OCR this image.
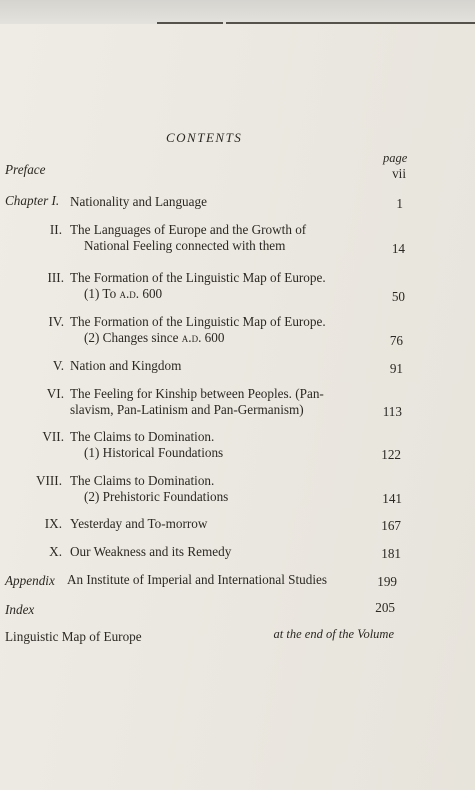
CONTENTS
page
Preface	vii
Chapter I. Nationality and Language	1
II. The Languages of Europe and the Growth of
National Feeling connected with them	14
III. The Formation of the Linguistic Map of Europe.
(1) To a.d. 600	50
IV. The Formation of the Linguistic Map of Europe.
(2) Changes since a.d. 600	76
V. Nation and Kingdom	91
VI. The Feeling for Kinship between Peoples. (Pan-
slavism, Pan-Latinism and Pan-Germanism)	113
VII. The Claims to Domination.
(1) Historical Foundations	122
VIII. The Claims to Domination.
(2) Prehistoric Foundations	141
IX. Yesterday and To-morrow	167
X. Our Weakness and its Remedy	181
Appendix An Institute of Imperial and International Studies	199
Index	205
Linguistic Map of Europe	at the end of the Volume
